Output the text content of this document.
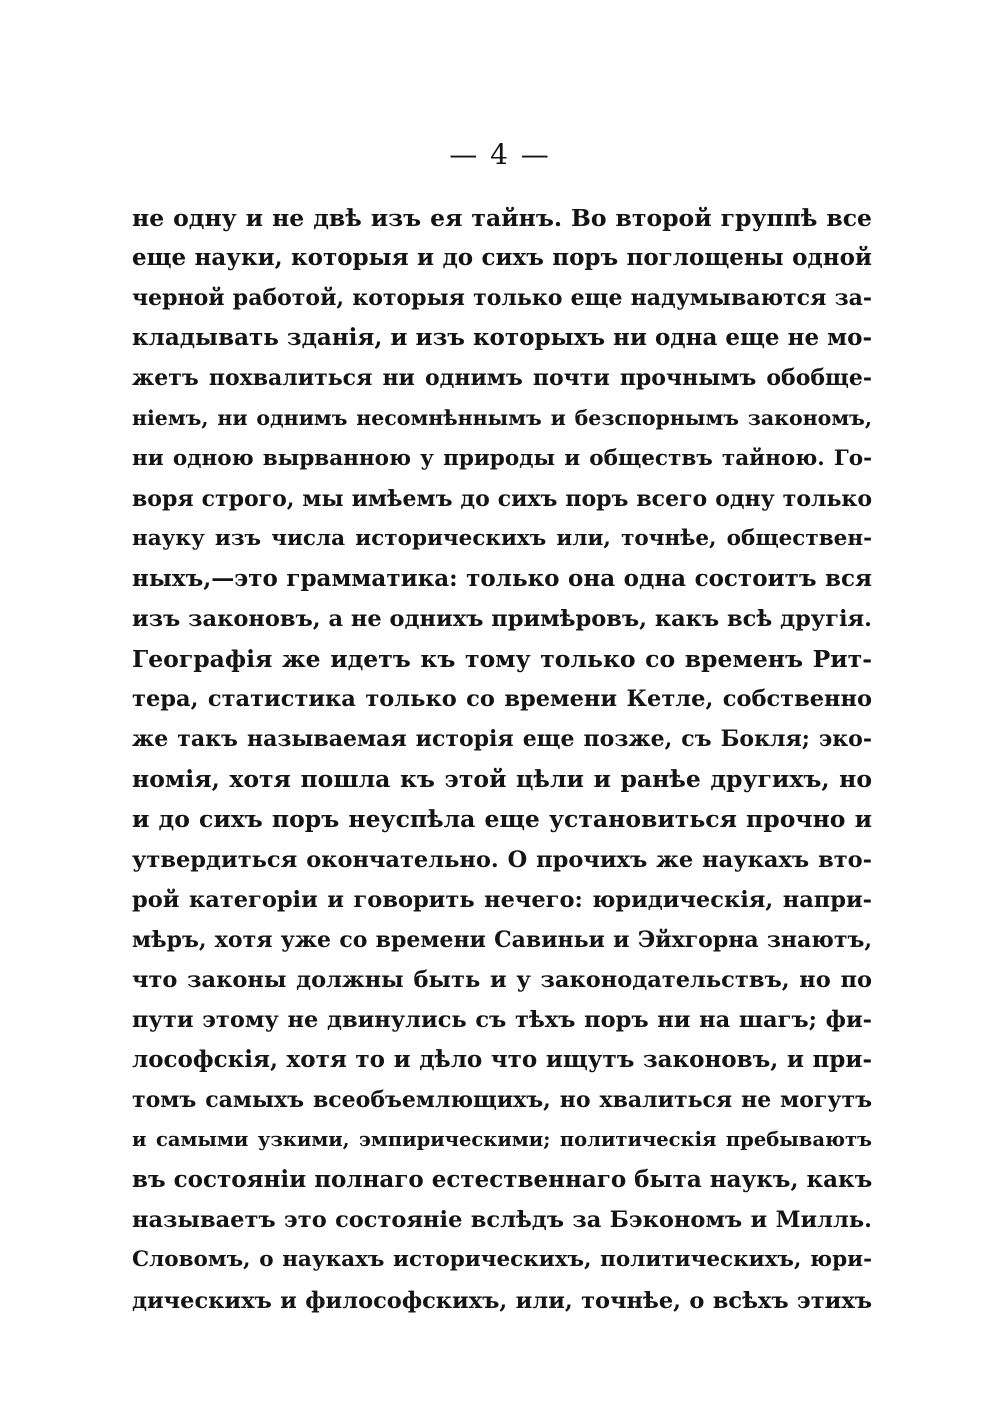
— 4 —
не одну и не двѣ изъ ея тайнъ. Во второй группѣ все
еще науки, которыя и до сихъ поръ поглощены одной
черной работой, которыя только еще надумываются за-
кладывать зданія, и изъ которыхъ ни одна еще не мо-
жетъ похвалиться ни однимъ почти прочнымъ обобще-
ніемъ, ни однимъ несомнѣннымъ и безспорнымъ закономъ,
ни одною вырванною у природы и обществъ тайною. Го-
воря строго, мы имѣемъ до сихъ поръ всего одну только
науку изъ числа историческихъ или, точнѣе, обществен-
ныхъ,—это грамматика: только она одна состоитъ вся
изъ законовъ, а не однихъ примѣровъ, какъ всѣ другія.
Географія же идетъ къ тому только со временъ Рит-
тера, статистика только со времени Кетле, собственно
же такъ называемая исторія еще позже, съ Бокля; эко-
номія, хотя пошла къ этой цѣли и ранѣе другихъ, но
и до сихъ поръ неуспѣла еще установиться прочно и
утвердиться окончательно. О прочихъ же наукахъ вто-
рой категоріи и говорить нечего: юридическія, напри-
мѣръ, хотя уже со времени Савиньи и Эйхгорна знаютъ,
что законы должны быть и у законодательствъ, но по
пути этому не двинулись съ тѣхъ поръ ни на шагъ; фи-
лософскія, хотя то и дѣло что ищутъ законовъ, и при-
томъ самыхъ всеобъемлющихъ, но хвалиться не могутъ
и самыми узкими, эмпирическими; политическія пребываютъ
въ состояніи полнаго естественнаго быта наукъ, какъ
называетъ это состояніе вслѣдъ за Бэкономъ и Милль.
Словомъ, о наукахъ историческихъ, политическихъ, юри-
дическихъ и философскихъ, или, точнѣе, о всѣхъ этихъ
